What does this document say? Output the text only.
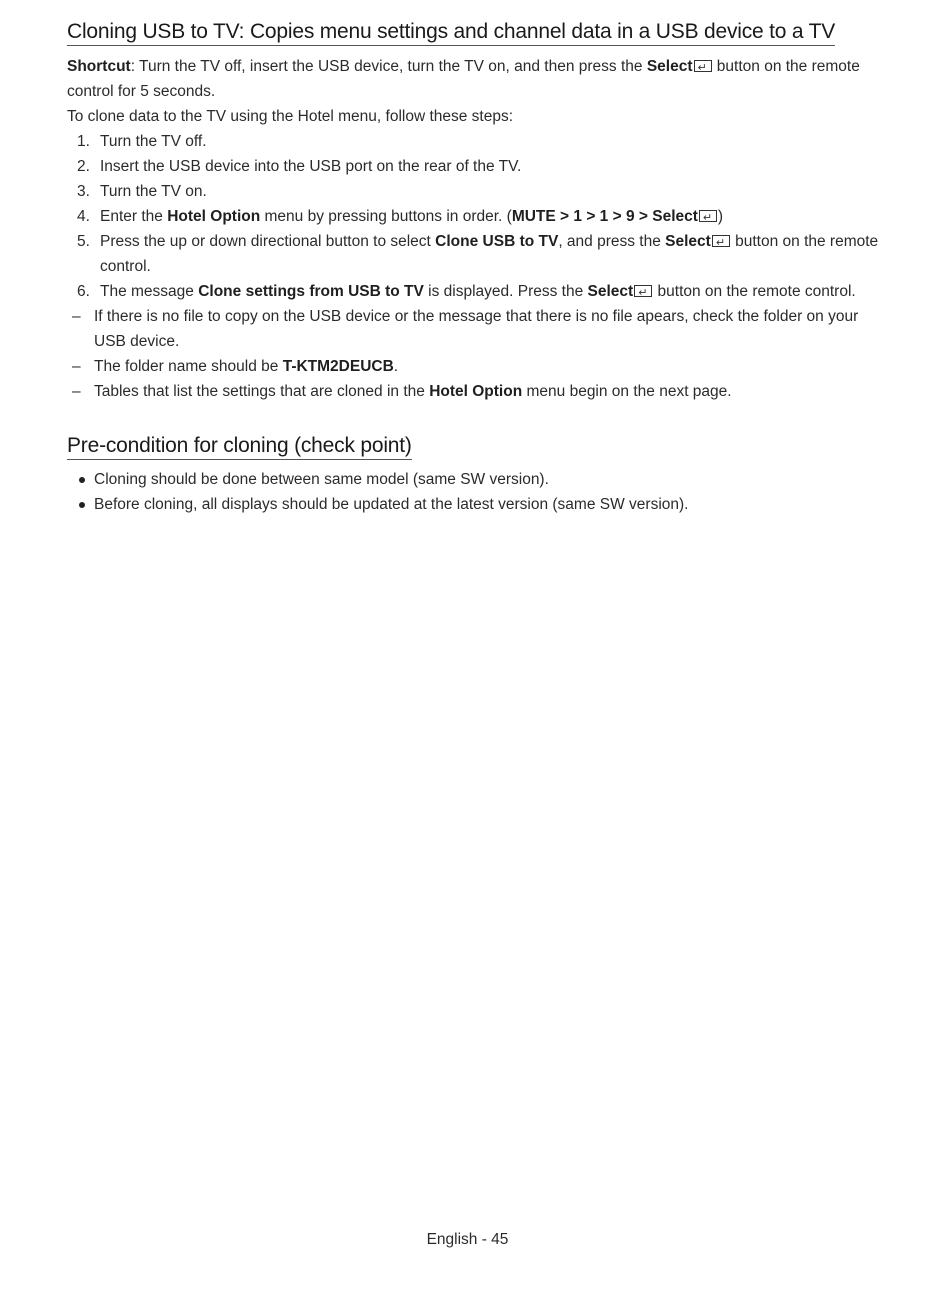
Cloning USB to TV: Copies menu settings and channel data in a USB device to a TV

Shortcut: Turn the TV off, insert the USB device, turn the TV on, and then press the Select↵ button on the remote control for 5 seconds.

To clone data to the TV using the Hotel menu, follow these steps:

1. Turn the TV off.
2. Insert the USB device into the USB port on the rear of the TV.
3. Turn the TV on.
4. Enter the Hotel Option menu by pressing buttons in order. (MUTE > 1 > 1 > 9 > Select↵ )
5. Press the up or down directional button to select Clone USB to TV, and press the Select↵ button on the remote control.
6. The message Clone settings from USB to TV is displayed. Press the Select↵ button on the remote control.
– If there is no file to copy on the USB device or the message that there is no file apears, check the folder on your USB device.
– The folder name should be T-KTM2DEUCB.
– Tables that list the settings that are cloned in the Hotel Option menu begin on the next page.
Pre-condition for cloning (check point)
Cloning should be done between same model (same SW version).
Before cloning, all displays should be updated at the latest version (same SW version).
English - 45
